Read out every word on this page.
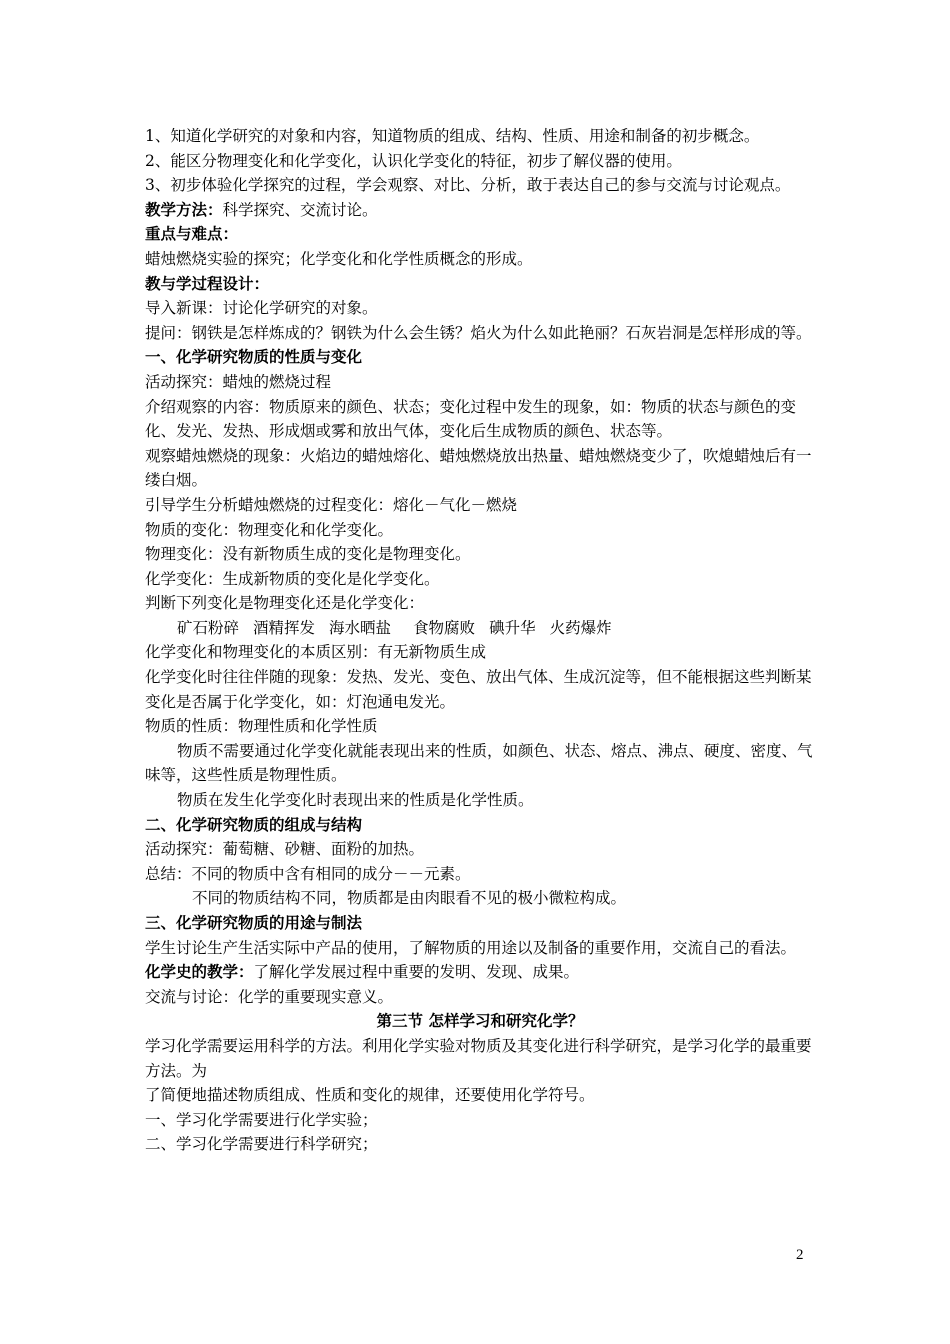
1、知道化学研究的对象和内容，知道物质的组成、结构、性质、用途和制备的初步概念。
2、能区分物理变化和化学变化，认识化学变化的特征，初步了解仪器的使用。
3、初步体验化学探究的过程，学会观察、对比、分析，敢于表达自己的参与交流与讨论观点。
教学方法：科学探究、交流讨论。
重点与难点：
蜡烛燃烧实验的探究；化学变化和化学性质概念的形成。
教与学过程设计：
导入新课：讨论化学研究的对象。
提问：钢铁是怎样炼成的？钢铁为什么会生锈？焰火为什么如此艳丽？石灰岩洞是怎样形成的等。
一、化学研究物质的性质与变化
活动探究：蜡烛的燃烧过程
介绍观察的内容：物质原来的颜色、状态；变化过程中发生的现象，如：物质的状态与颜色的变化、发光、发热、形成烟或雾和放出气体，变化后生成物质的颜色、状态等。
观察蜡烛燃烧的现象：火焰边的蜡烛熔化、蜡烛燃烧放出热量、蜡烛燃烧变少了，吹熄蜡烛后有一缕白烟。
引导学生分析蜡烛燃烧的过程变化：熔化－气化－燃烧
物质的变化：物理变化和化学变化。
物理变化：没有新物质生成的变化是物理变化。
化学变化：生成新物质的变化是化学变化。
判断下列变化是物理变化还是化学变化：
矿石粉碎 酒精挥发 海水晒盐 食物腐败 碘升华 火药爆炸
化学变化和物理变化的本质区别：有无新物质生成
化学变化时往往伴随的现象：发热、发光、变色、放出气体、生成沉淀等，但不能根据这些判断某变化是否属于化学变化，如：灯泡通电发光。
物质的性质：物理性质和化学性质
物质不需要通过化学变化就能表现出来的性质，如颜色、状态、熔点、沸点、硬度、密度、气味等，这些性质是物理性质。
物质在发生化学变化时表现出来的性质是化学性质。
二、化学研究物质的组成与结构
活动探究：葡萄糖、砂糖、面粉的加热。
总结：不同的物质中含有相同的成分－－元素。
不同的物质结构不同，物质都是由肉眼看不见的极小微粒构成。
三、化学研究物质的用途与制法
学生讨论生产生活实际中产品的使用，了解物质的用途以及制备的重要作用，交流自己的看法。
化学史的教学：了解化学发展过程中重要的发明、发现、成果。
交流与讨论：化学的重要现实意义。
第三节 怎样学习和研究化学？
学习化学需要运用科学的方法。利用化学实验对物质及其变化进行科学研究，是学习化学的最重要方法。为
了简便地描述物质组成、性质和变化的规律，还要使用化学符号。
一、学习化学需要进行化学实验；
二、学习化学需要进行科学研究；
2
